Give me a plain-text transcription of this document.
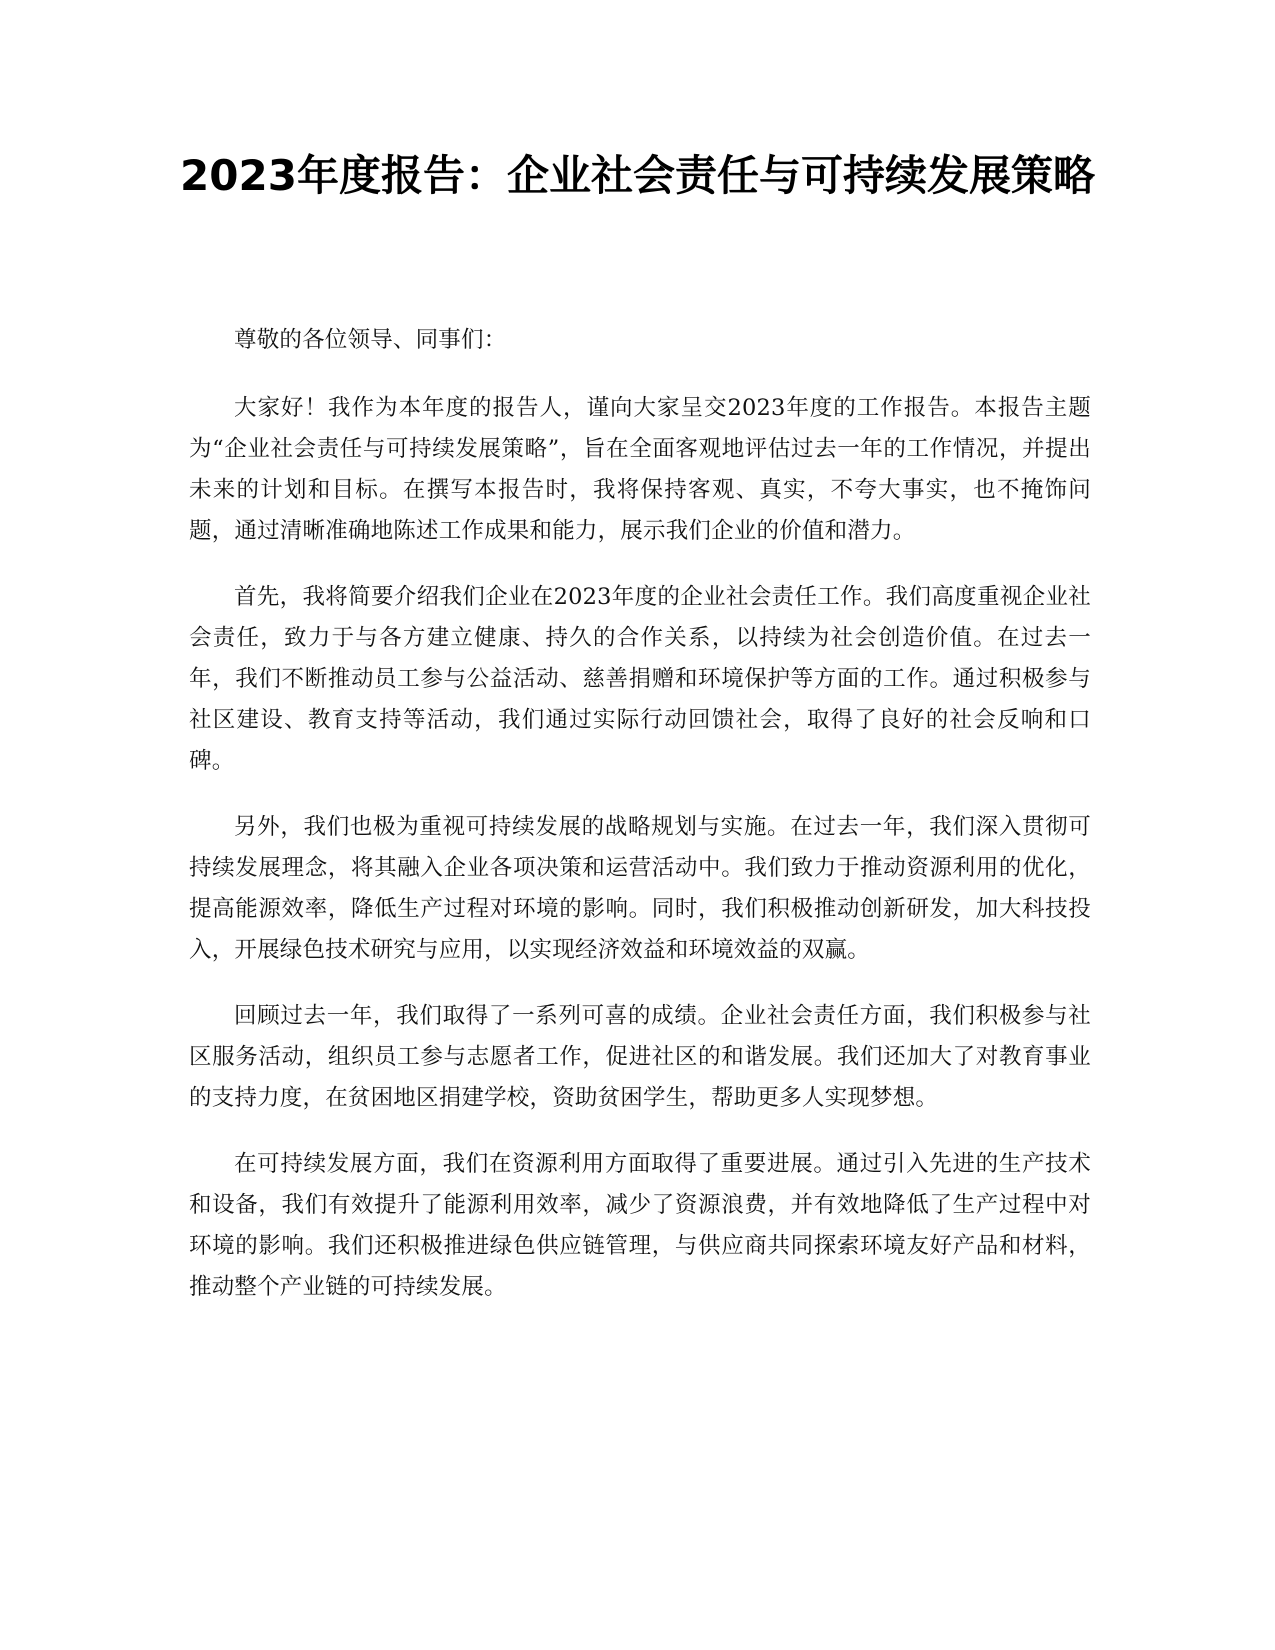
2023年度报告：企业社会责任与可持续发展策略

尊敬的各位领导、同事们：

大家好！我作为本年度的报告人，谨向大家呈交2023年度的工作报告。本报告主题为“企业社会责任与可持续发展策略”，旨在全面客观地评估过去一年的工作情况，并提出未来的计划和目标。在撰写本报告时，我将保持客观、真实，不夸大事实，也不掩饰问题，通过清晰准确地陈述工作成果和能力，展示我们企业的价值和潜力。

首先，我将简要介绍我们企业在2023年度的企业社会责任工作。我们高度重视企业社会责任，致力于与各方建立健康、持久的合作关系，以持续为社会创造价值。在过去一年，我们不断推动员工参与公益活动、慈善捐赠和环境保护等方面的工作。通过积极参与社区建设、教育支持等活动，我们通过实际行动回馈社会，取得了良好的社会反响和口碑。

另外，我们也极为重视可持续发展的战略规划与实施。在过去一年，我们深入贯彻可持续发展理念，将其融入企业各项决策和运营活动中。我们致力于推动资源利用的优化，提高能源效率，降低生产过程对环境的影响。同时，我们积极推动创新研发，加大科技投入，开展绿色技术研究与应用，以实现经济效益和环境效益的双赢。

回顾过去一年，我们取得了一系列可喜的成绩。企业社会责任方面，我们积极参与社区服务活动，组织员工参与志愿者工作，促进社区的和谐发展。我们还加大了对教育事业的支持力度，在贫困地区捐建学校，资助贫困学生，帮助更多人实现梦想。

在可持续发展方面，我们在资源利用方面取得了重要进展。通过引入先进的生产技术和设备，我们有效提升了能源利用效率，减少了资源浪费，并有效地降低了生产过程中对环境的影响。我们还积极推进绿色供应链管理，与供应商共同探索环境友好产品和材料，推动整个产业链的可持续发展。
